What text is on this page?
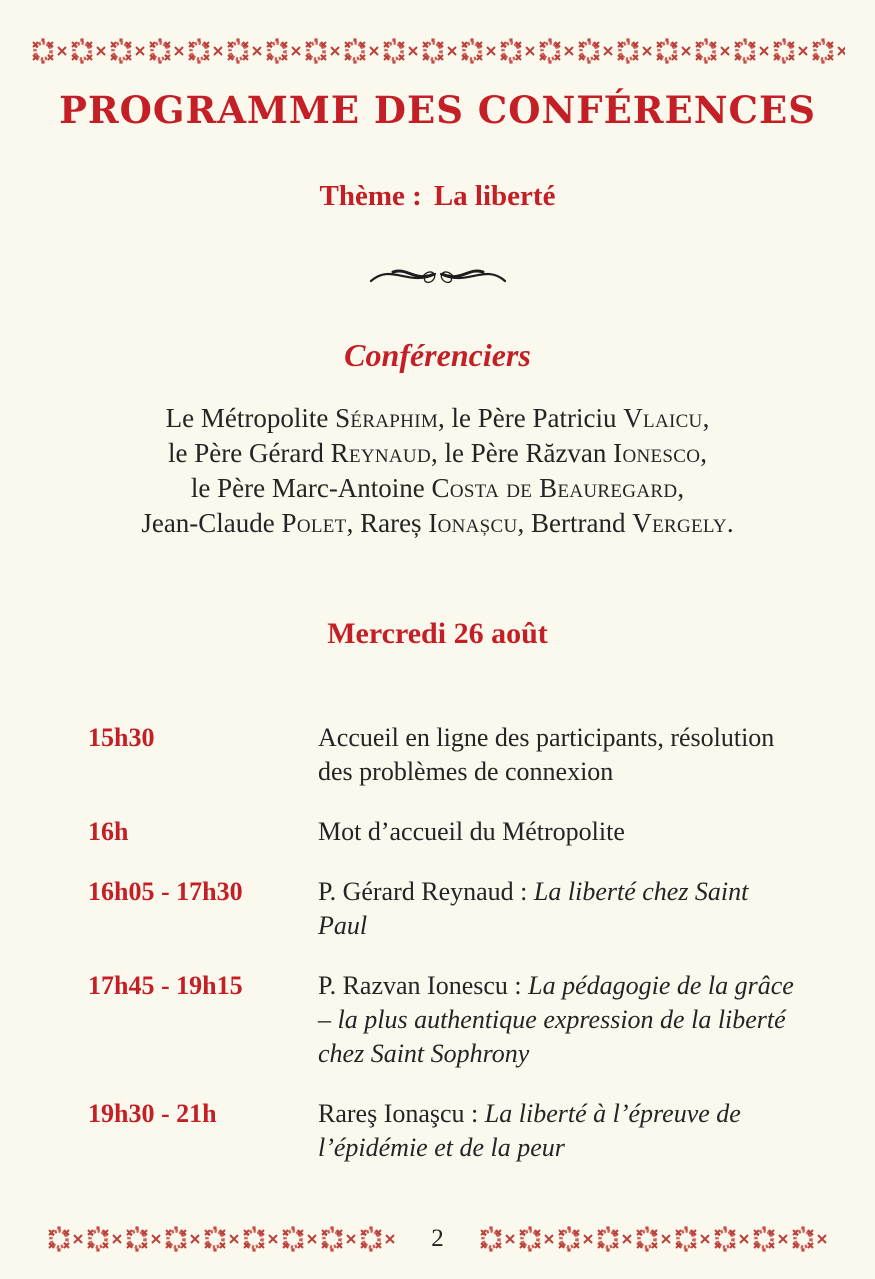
PROGRAMME DES CONFÉRENCES
Thème : La liberté
Conférenciers
Le Métropolite Séraphim, le Père Patriciu Vlaicu,
le Père Gérard Reynaud, le Père Răzvan Ionesco,
le Père Marc-Antoine Costa de Beauregard,
Jean-Claude Polet, Rareș Ionașcu, Bertrand Vergely.
Mercredi 26 août
15h30	Accueil en ligne des participants, résolution des problèmes de connexion
16h	Mot d’accueil du Métropolite
16h05 - 17h30	P. Gérard Reynaud : La liberté chez Saint Paul
17h45 - 19h15	P. Razvan Ionescu : La pédagogie de la grâce – la plus authentique expression de la liberté chez Saint Sophrony
19h30 - 21h	Rareş Ionaşcu : La liberté à l’épreuve de l’épidémie et de la peur
2
